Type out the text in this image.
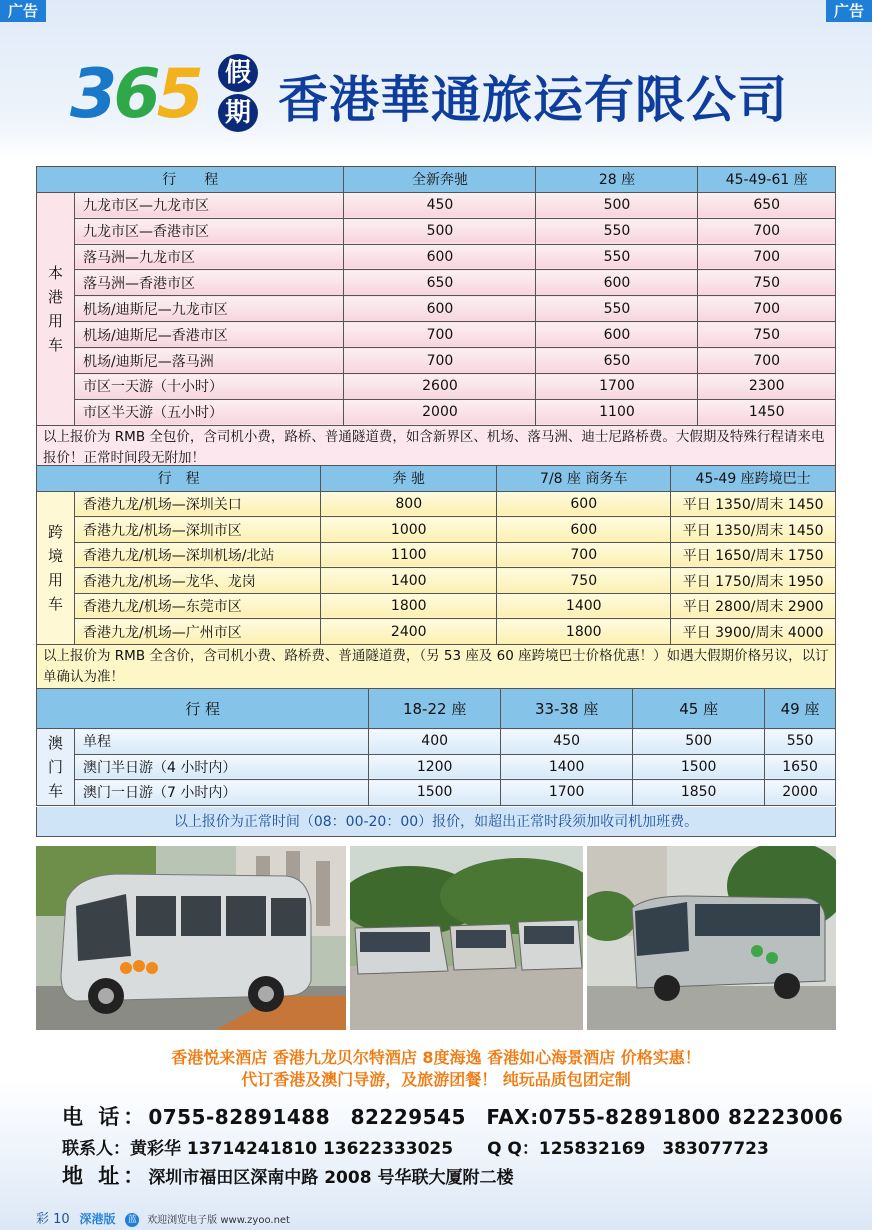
广告	广告
365 假
期 香港華通旅运有限公司
行　　程		全新奔驰	28 座	45-49-61 座

本
港
用
车	九龙市区—九龙市区	450	500	650
	九龙市区—香港市区	500	550	700
	落马洲—九龙市区	600	550	700
	落马洲—香港市区	650	600	750
	机场/迪斯尼—九龙市区	600	550	700
	机场/迪斯尼—香港市区	700	600	750
	机场/迪斯尼—落马洲	700	650	700
	市区一天游（十小时）	2600	1700	2300
	市区半天游（五小时）	2000	1100	1450
以上报价为 RMB 全包价，含司机小费，路桥、普通隧道费，如含新界区、机场、落马洲、迪士尼路桥费。大假期及特殊行程请来电报价！正常时间段无附加！
行　程		奔 驰	7/8 座 商务车	45-49 座跨境巴士

跨
境
用
车	香港九龙/机场—深圳关口	800	600	平日 1350/周末 1450
	香港九龙/机场—深圳市区	1000	600	平日 1350/周末 1450
	香港九龙/机场—深圳机场/北站	1100	700	平日 1650/周末 1750
	香港九龙/机场—龙华、龙岗	1400	750	平日 1750/周末 1950
	香港九龙/机场—东莞市区	1800	1400	平日 2800/周末 2900
	香港九龙/机场—广州市区	2400	1800	平日 3900/周末 4000
以上报价为 RMB 全含价，含司机小费、路桥费、普通隧道费，（另 53 座及 60 座跨境巴士价格优惠！）如遇大假期价格另议，以订单确认为准！
行 程		18-22 座	33-38 座	45 座	49 座

澳
门
车	单程	400	450	500	550
	澳门半日游（4 小时内）	1200	1400	1500	1650
	澳门一日游（7 小时内）	1500	1700	1850	2000
以上报价为正常时间（08：00-20：00）报价，如超出正常时段须加收司机加班费。
香港悦来酒店 香港九龙贝尔特酒店 8度海逸 香港如心海景酒店 价格实惠！
代订香港及澳门导游，及旅游团餐！ 纯玩品质包团定制
电 话：0755-82891488　82229545　FAX:0755-82891800 82223006
联系人：黄彩华 13714241810 13622333025　　Q Q：125832169　383077723
地 址：深圳市福田区深南中路 2008 号华联大厦附二楼
彩 10 深港版 蓝 欢迎浏览电子版 www.zyoo.net
